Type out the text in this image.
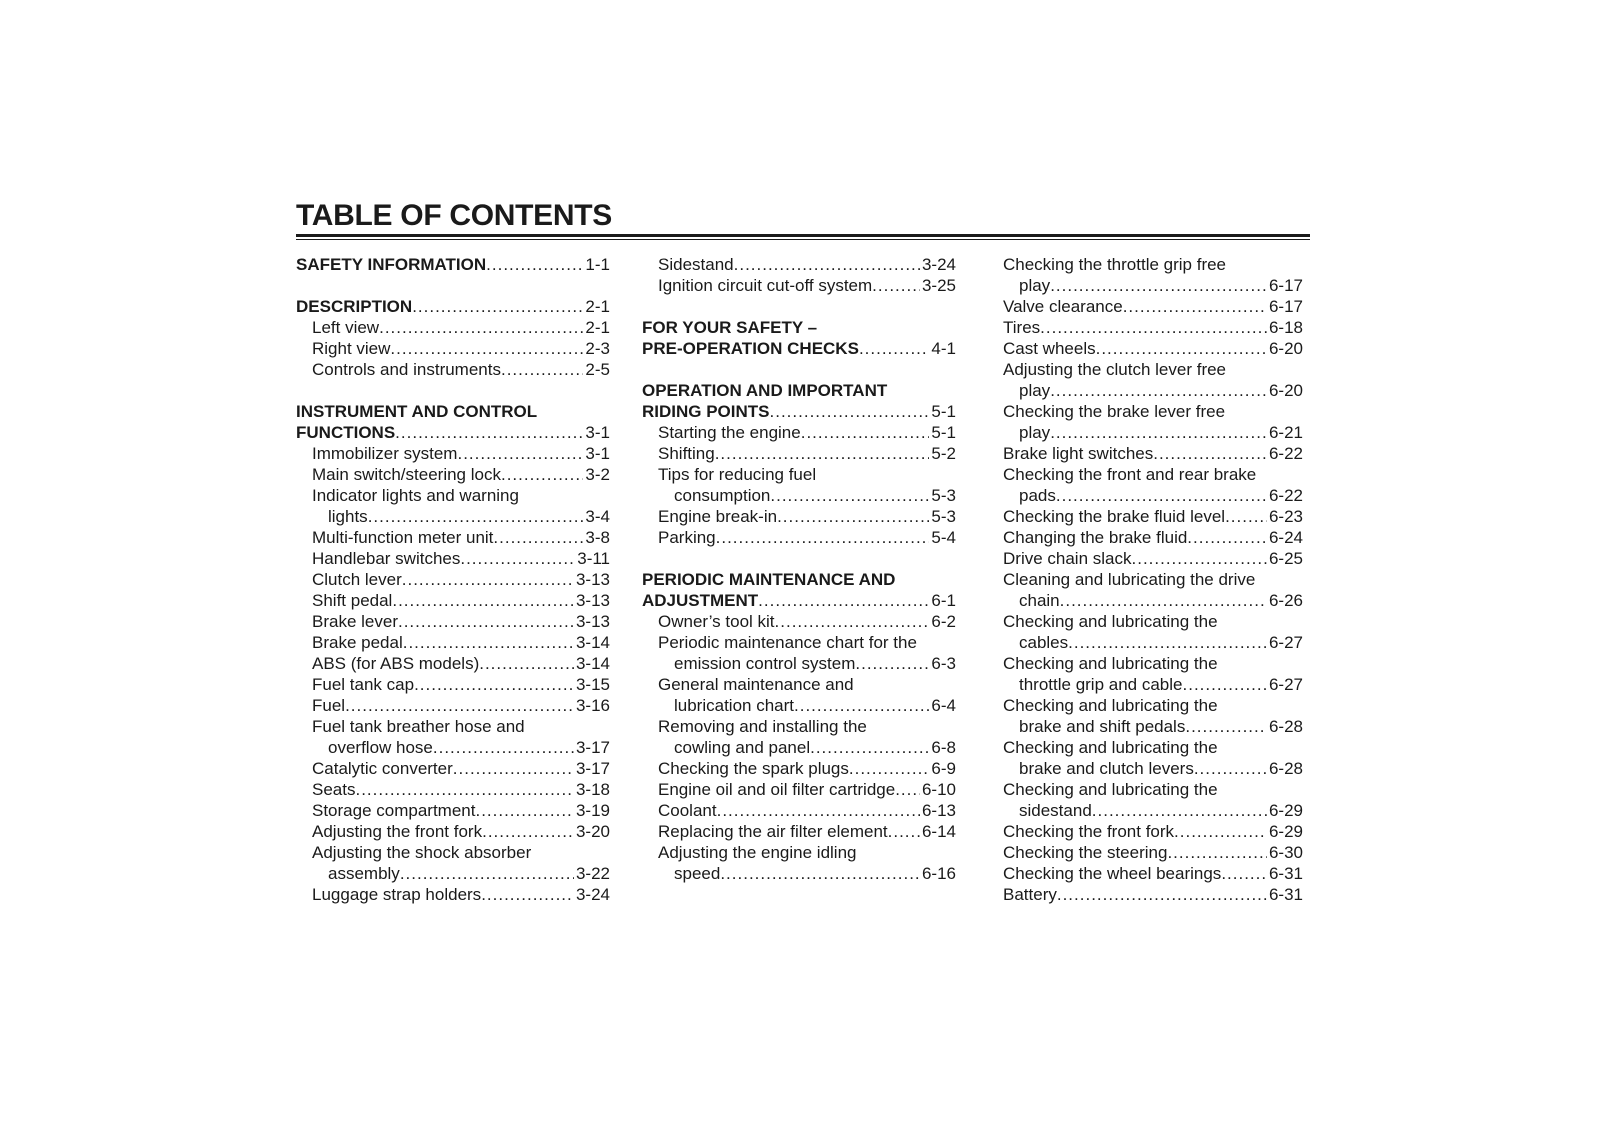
TABLE OF CONTENTS
SAFETY INFORMATION .....	1-1
DESCRIPTION .....	2-1
Left view .....	2-1
Right view .....	2-3
Controls and instruments .....	2-5
INSTRUMENT AND CONTROL
FUNCTIONS .....	3-1
Immobilizer system .....	3-1
Main switch/steering lock .....	3-2
Indicator lights and warning
lights .....	3-4
Multi-function meter unit .....	3-8
Handlebar switches .....	3-11
Clutch lever .....	3-13
Shift pedal .....	3-13
Brake lever .....	3-13
Brake pedal .....	3-14
ABS (for ABS models) .....	3-14
Fuel tank cap .....	3-15
Fuel .....	3-16
Fuel tank breather hose and
overflow hose .....	3-17
Catalytic converter .....	3-17
Seats .....	3-18
Storage compartment .....	3-19
Adjusting the front fork .....	3-20
Adjusting the shock absorber
assembly .....	3-22
Luggage strap holders .....	3-24
Sidestand .....	3-24
Ignition circuit cut-off system .....	3-25
FOR YOUR SAFETY –
PRE-OPERATION CHECKS .....	4-1
OPERATION AND IMPORTANT
RIDING POINTS .....	5-1
Starting the engine .....	5-1
Shifting .....	5-2
Tips for reducing fuel
consumption .....	5-3
Engine break-in .....	5-3
Parking .....	5-4
PERIODIC MAINTENANCE AND
ADJUSTMENT .....	6-1
Owner’s tool kit .....	6-2
Periodic maintenance chart for the
emission control system .....	6-3
General maintenance and
lubrication chart .....	6-4
Removing and installing the
cowling and panel .....	6-8
Checking the spark plugs .....	6-9
Engine oil and oil filter cartridge ..... 6-10
Coolant .....	6-13
Replacing the air filter element ..... 6-14
Adjusting the engine idling
speed .....	6-16
Checking the throttle grip free
play .....	6-17
Valve clearance .....	6-17
Tires .....	6-18
Cast wheels .....	6-20
Adjusting the clutch lever free
play .....	6-20
Checking the brake lever free
play .....	6-21
Brake light switches .....	6-22
Checking the front and rear brake
pads .....	6-22
Checking the brake fluid level .....	6-23
Changing the brake fluid .....	6-24
Drive chain slack .....	6-25
Cleaning and lubricating the drive
chain .....	6-26
Checking and lubricating the
cables .....	6-27
Checking and lubricating the
throttle grip and cable .....	6-27
Checking and lubricating the
brake and shift pedals .....	6-28
Checking and lubricating the
brake and clutch levers .....	6-28
Checking and lubricating the
sidestand .....	6-29
Checking the front fork .....	6-29
Checking the steering .....	6-30
Checking the wheel bearings .....	6-31
Battery .....	6-31
